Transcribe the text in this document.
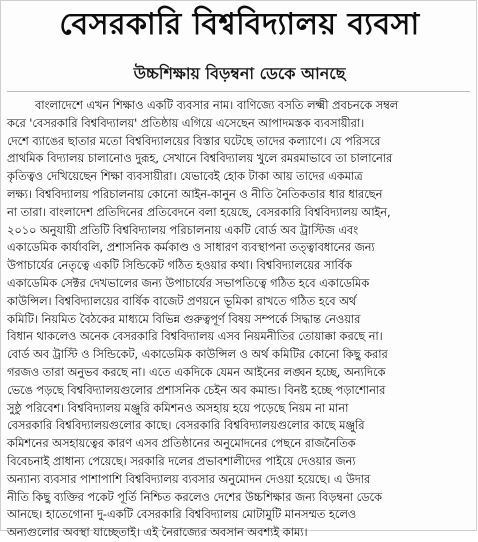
বেসরকারি বিশ্ববিদ্যালয় ব্যবসা
উচ্চশিক্ষায় বিড়ম্বনা ডেকে আনছে
বাংলাদেশে এখন শিক্ষাও একটি ব্যবসার নাম। বাণিজ্যে বসতি লক্ষ্মী প্রবচনকে সম্বল
করে 'বেসরকারি বিশ্ববিদ্যালয়' প্রতিষ্ঠায় এগিয়ে এসেছেন আপাদমস্তক ব্যবসায়ীরা।
দেশে ব্যাঙের ছাতার মতো বিশ্ববিদ্যালয়ের বিস্তার ঘটেছে তাদের কল্যাণে। যে পরিসরে
প্রাথমিক বিদ্যালয় চালানোও দুরূহ, সেখানে বিশ্ববিদ্যালয় খুলে রমরমাভাবে তা চালানোর
কৃতিত্বও দেখিয়েছেন শিক্ষা ব্যবসায়ীরা। যেভাবেই হোক টাকা আয় তাদের একমাত্র
লক্ষ্য। বিশ্ববিদ্যালয় পরিচালনায় কোনো আইন-কানুন ও নীতি নৈতিকতার ধার ধারছেন
না তারা। বাংলাদেশ প্রতিদিনের প্রতিবেদনে বলা হয়েছে, বেসরকারি বিশ্ববিদ্যালয় আইন,
২০১০ অনুযায়ী প্রতিটি বিশ্ববিদ্যালয় পরিচালনায় একটি বোর্ড অব ট্রাস্টিজ এবং
একাডেমিক কার্যাবলি, প্রশাসনিক কর্মকাণ্ড ও সাধারণ ব্যবস্থাপনা তত্ত্বাবধানের জন্য
উপাচার্যের নেতৃত্বে একটি সিন্ডিকেট গঠিত হওয়ার কথা। বিশ্ববিদ্যালয়ের সার্বিক
একাডেমিক সেক্টর দেখভালের জন্য উপাচার্যের সভাপতিত্বে গঠিত হবে একাডেমিক
কাউন্সিল। বিশ্ববিদ্যালয়ের বার্ষিক বাজেট প্রণয়নে ভূমিকা রাখতে গঠিত হবে অর্থ
কমিটি। নিয়মিত বৈঠকের মাধ্যমে বিভিন্ন গুরুত্বপূর্ণ বিষয় সম্পর্কে সিদ্ধান্ত নেওয়ার
বিধান থাকলেও অনেক বেসরকারি বিশ্ববিদ্যালয় এসব নিয়মনীতির তোয়াক্কা করছে না।
বোর্ড অব ট্রাস্টি ও সিন্ডিকেট, একাডেমিক কাউন্সিল ও অর্থ কমিটির কোনো কিছু করার
গরজও তারা অনুভব করছে না। এতে একদিকে যেমন আইনের লঙ্ঘন হচ্ছে, অন্যদিকে
ভেঙে পড়ছে বিশ্ববিদ্যালয়গুলোর প্রশাসনিক চেইন অব কমান্ড। বিনষ্ট হচ্ছে পড়াশোনার
সুষ্ঠু পরিবেশ। বিশ্ববিদ্যালয় মঞ্জুরি কমিশনও অসহায় হয়ে পড়েছে নিয়ম না মানা
বেসরকারি বিশ্ববিদ্যালয়গুলোর কাছে। বেসরকারি বিশ্ববিদ্যালয়গুলোর কাছে মঞ্জুরি
কমিশনের অসহায়ত্বের কারণ এসব প্রতিষ্ঠানের অনুমোদনের পেছনে রাজনৈতিক
বিবেচনাই প্রাধান্য পেয়েছে। সরকারি দলের প্রভাবশালীদের পাইয়ে দেওয়ার জন্য
অন্যান্য ব্যবসার পাশাপাশি বিশ্ববিদ্যালয় ব্যবসার অনুমোদন দেওয়া হয়েছে। এ উদার
নীতি কিছু ব্যক্তির পকেট পূর্তি নিশ্চিত করলেও দেশের উচ্চশিক্ষার জন্য বিড়ম্বনা ডেকে
আনছে। হাতেগোনা দু-একটি বেসরকারি বিশ্ববিদ্যালয় মোটামুটি মানসম্মত হলেও
অন্যগুলোর অবস্থা যাচ্ছেতাই। এই নৈরাজ্যের অবসান অবশ্যই কাম্য।
